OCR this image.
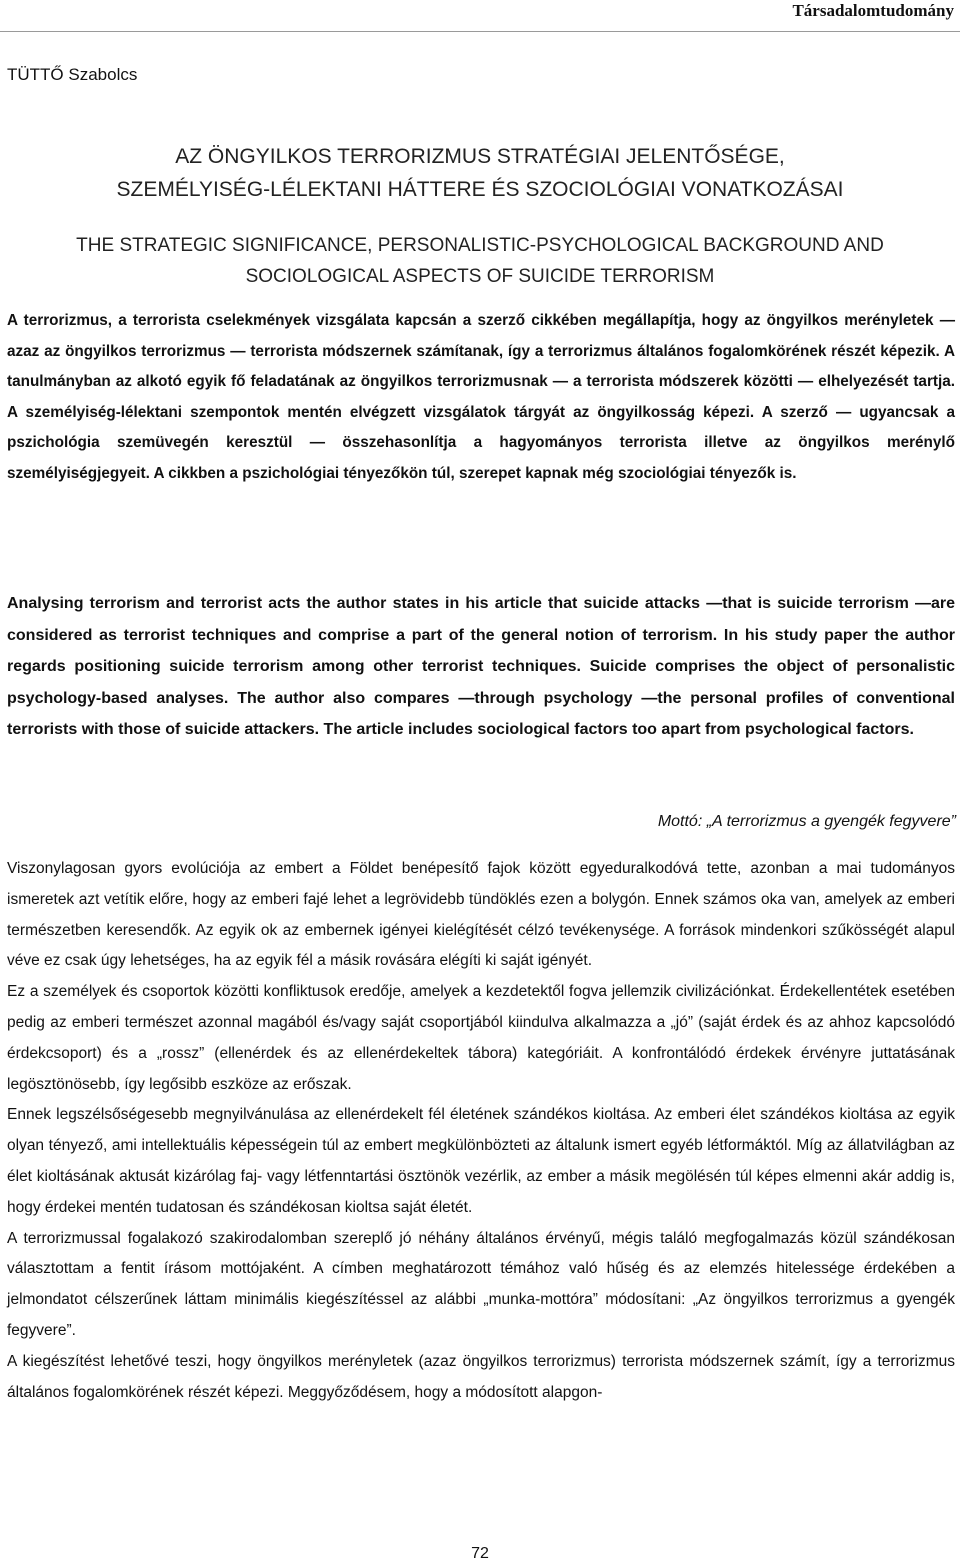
Társadalomtudomány
TÜTTŐ Szabolcs
AZ ÖNGYILKOS TERRORIZMUS STRATÉGIAI JELENTŐSÉGE,
SZEMÉLYISÉG-LÉLEKTANI HÁTTERE ÉS SZOCIOLÓGIAI VONATKOZÁSAI
THE STRATEGIC SIGNIFICANCE, PERSONALISTIC-PSYCHOLOGICAL BACKGROUND AND
SOCIOLOGICAL ASPECTS OF SUICIDE TERRORISM

A terrorizmus, a terrorista cselekmények vizsgálata kapcsán a szerző cikkében megállapítja, hogy az öngyilkos merényletek — azaz az öngyilkos terrorizmus — terrorista módszernek számítanak, így a terrorizmus általános fogalomkörének részét képezik. A tanulmányban az alkotó egyik fő feladatának az öngyilkos terrorizmusnak — a terrorista módszerek közötti — elhelyezését tartja. A személyiség-lélektani szempontok mentén elvégzett vizsgálatok tárgyát az öngyilkosság képezi. A szerző — ugyancsak a pszichológia szemüvegén keresztül — összehasonlítja a hagyományos terrorista illetve az öngyilkos merénylő személyiségjegyeit. A cikkben a pszichológiai tényezőkön túl, szerepet kapnak még szociológiai tényezők is.

Analysing terrorism and terrorist acts the author states in his article that suicide attacks —that is suicide terrorism —are considered as terrorist techniques and comprise a part of the general notion of terrorism. In his study paper the author regards positioning suicide terrorism among other terrorist techniques. Suicide comprises the object of personalistic psychology-based analyses. The author also compares —through psychology —the personal profiles of conventional terrorists with those of suicide attackers. The article includes sociological factors too apart from psychological factors.

Mottó: „A terrorizmus a gyengék fegyvere”

Viszonylagosan gyors evolúciója az embert a Földet benépesítő fajok között egyeduralkodóvá tette, azonban a mai tudományos ismeretek azt vetítik előre, hogy az emberi fajé lehet a legrövidebb tündöklés ezen a bolygón. Ennek számos oka van, amelyek az emberi természetben keresendők. Az egyik ok az embernek igényei kielégítését célzó tevékenysége. A források mindenkori szűkösségét alapul véve ez csak úgy lehetséges, ha az egyik fél a másik rovására elégíti ki saját igényét.

Ez a személyek és csoportok közötti konfliktusok eredője, amelyek a kezdetektől fogva jellemzik civilizációnkat. Érdekellentétek esetében pedig az emberi természet azonnal magából és/vagy saját csoportjából kiindulva alkalmazza a „jó” (saját érdek és az ahhoz kapcsolódó érdekcsoport) és a „rossz” (ellenérdek és az ellenérdekeltek tábora) kategóriáit. A konfrontálódó érdekek érvényre juttatásának legösztönösebb, így legősibb eszköze az erőszak.

Ennek legszélsőségesebb megnyilvánulása az ellenérdekelt fél életének szándékos kioltása. Az emberi élet szándékos kioltása az egyik olyan tényező, ami intellektuális képességein túl az embert megkülönbözteti az általunk ismert egyéb létformáktól. Míg az állatvilágban az élet kioltásának aktusát kizárólag faj- vagy létfenntartási ösztönök vezérlik, az ember a másik megölésén túl képes elmenni akár addig is, hogy érdekei mentén tudatosan és szándékosan kioltsa saját életét.

A terrorizmussal fogalakozó szakirodalomban szereplő jó néhány általános érvényű, mégis találó megfogalmazás közül szándékosan választottam a fentit írásom mottójaként. A címben meghatározott témához való hűség és az elemzés hitelessége érdekében a jelmondatot célszerűnek láttam minimális kiegészítéssel az alábbi „munka-mottóra” módosítani: „Az öngyilkos terrorizmus a gyengék fegyvere”.

A kiegészítést lehetővé teszi, hogy öngyilkos merényletek (azaz öngyilkos terrorizmus) terrorista módszernek számít, így a terrorizmus általános fogalomkörének részét képezi. Meggyőződésem, hogy a módosított alapgon-

72
